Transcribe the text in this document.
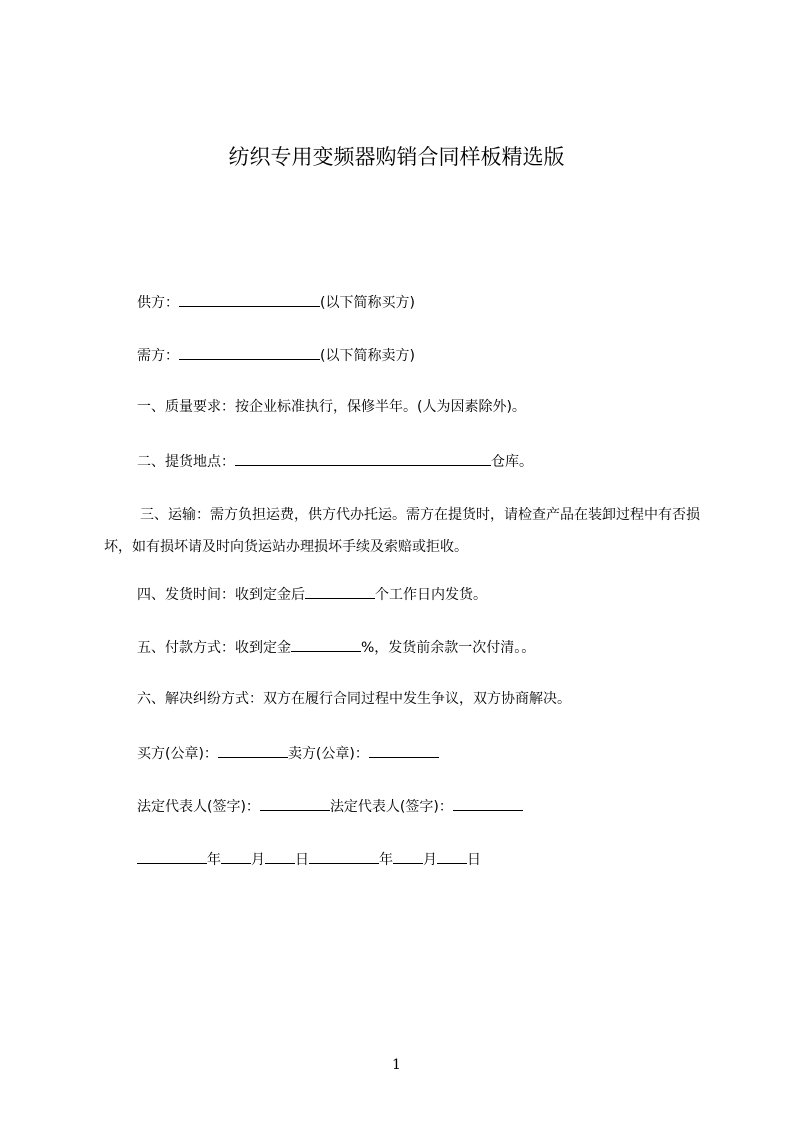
纺织专用变频器购销合同样板精选版
供方：	(以下简称买方)
需方：	(以下简称卖方)
一、质量要求：按企业标准执行，保修半年。(人为因素除外)。
二、提货地点：	仓库。
三、运输：需方负担运费，供方代办托运。需方在提货时，请检查产品在装卸过程中有否损坏，如有损坏请及时向货运站办理损坏手续及索赔或拒收。
四、发货时间：收到定金后	个工作日内发货。
五、付款方式：收到定金	%，发货前余款一次付清。。
六、解决纠纷方式：双方在履行合同过程中发生争议，双方协商解决。
买方(公章)：	卖方(公章)：
法定代表人(签字)：	法定代表人(签字)：
年 月 日	年 月 日
1
